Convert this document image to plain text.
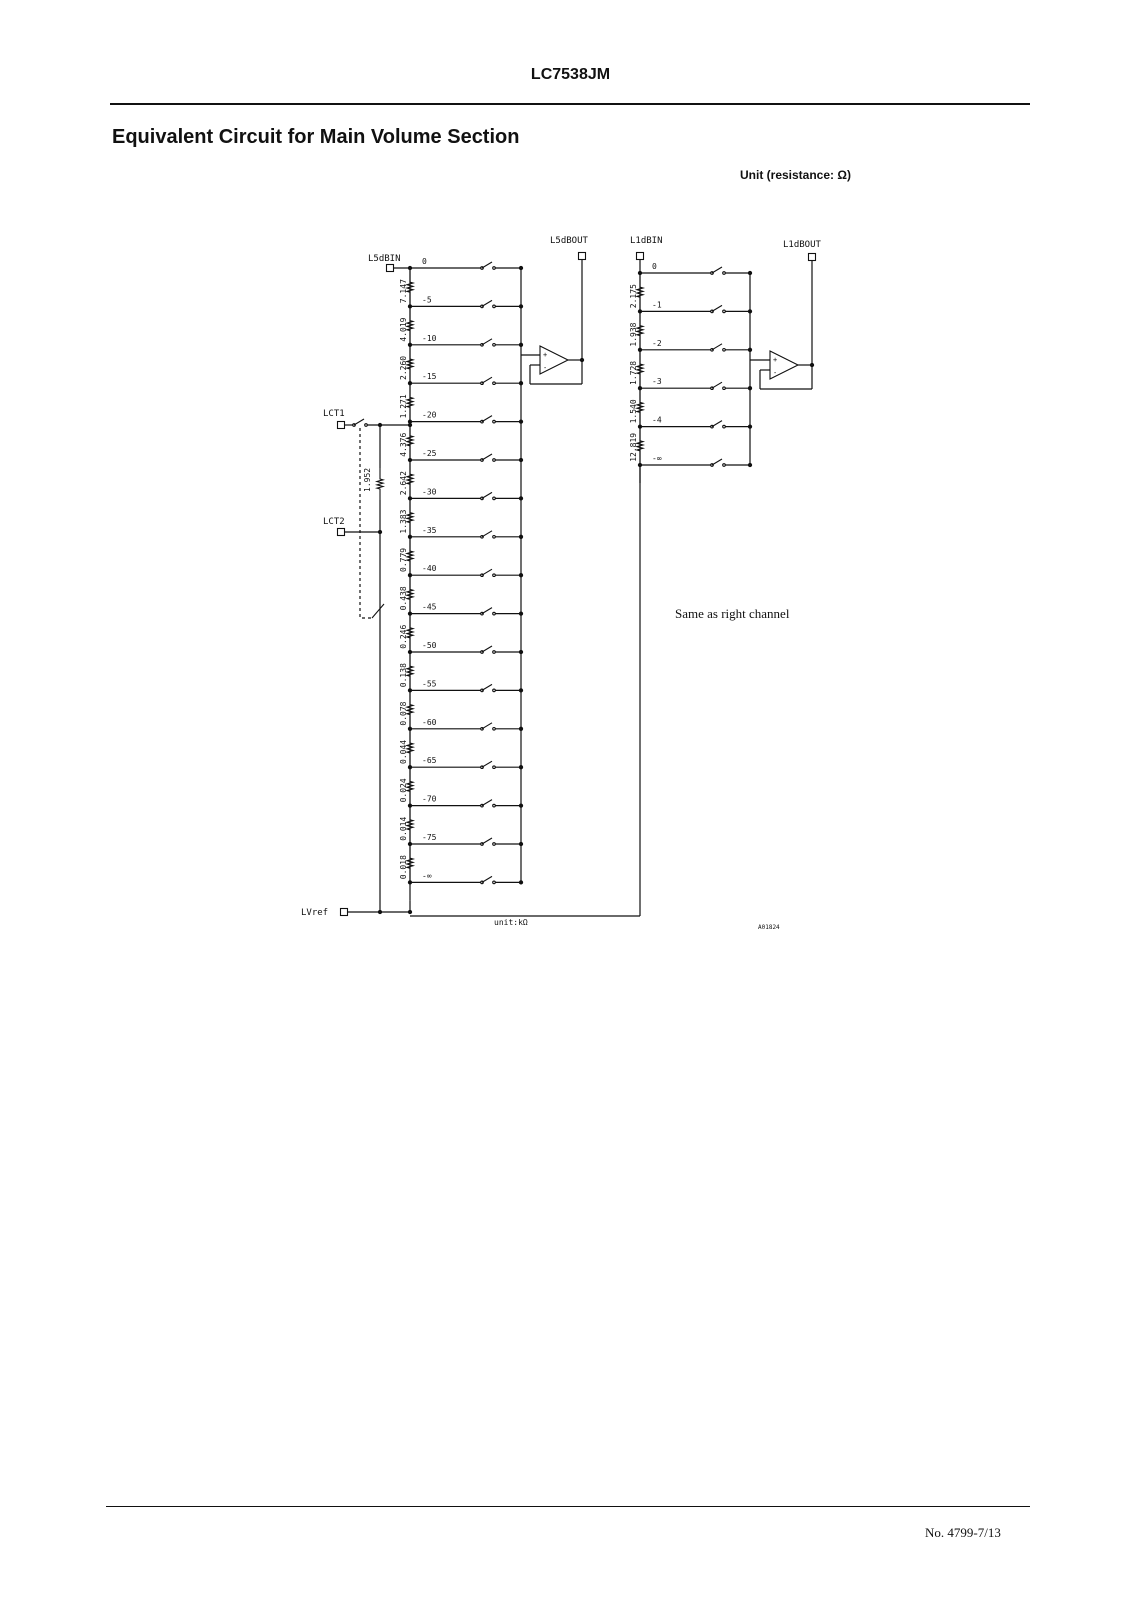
LC7538JM
Equivalent Circuit for Main Volume Section
Unit (resistance: Ω)
0
7.147 -5
4.019 -10
2.260 -15
1.271 -20
4.376 -25
2.642 -30
1.383 -35
0.779 -40
0.438 -45
0.246 -50
0.138 -55
0.078 -60
0.044 -65
0.024 -70
0.014 -75
0.018 -∞
+
-
0
2.175 -1
1.938 -2
1.728 -3
1.540 -4
12.819 -∞
+
-
L5dBIN
L5dBOUT	L1dBIN	L1dBOUT
LCT1
LCT2
LVref
1.952
unit:kΩ
A01824
Same as right channel
No. 4799-7/13
